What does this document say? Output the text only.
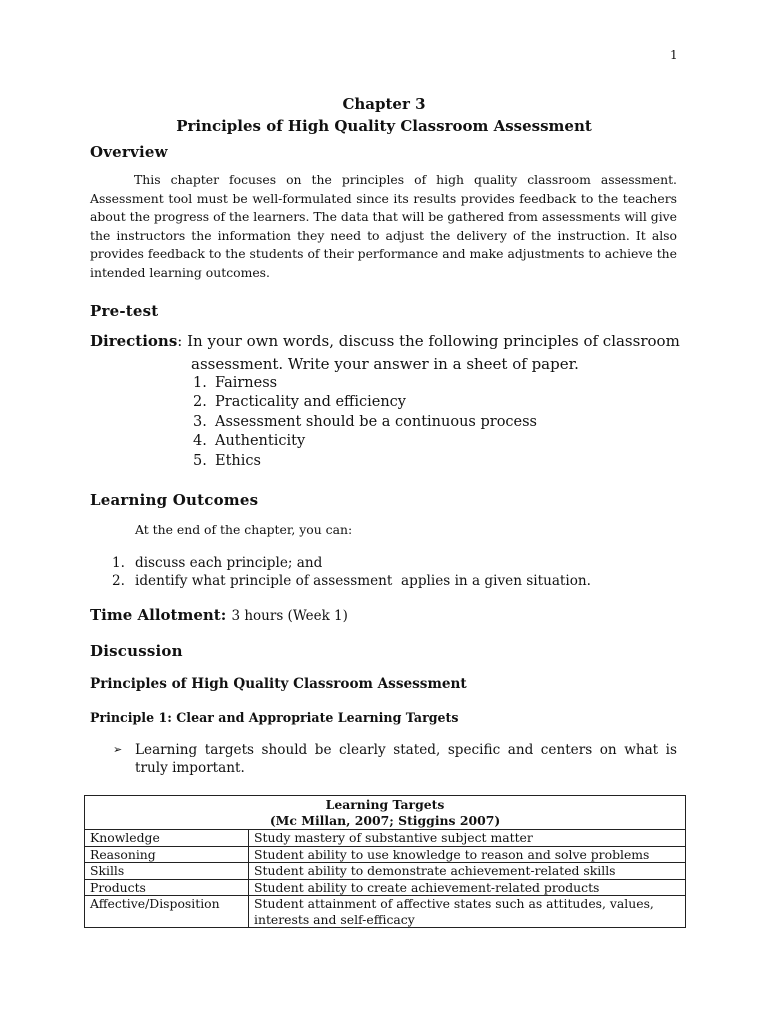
1
Chapter 3
Principles of High Quality Classroom Assessment
Overview

This chapter focuses on the principles of high quality classroom assessment. Assessment tool must be well-formulated since its results provides feedback to the teachers about the progress of the learners. The data that will be gathered from assessments will give the instructors the information they need to adjust the delivery of the instruction. It also provides feedback to the students of their performance and make adjustments to achieve the intended learning outcomes.

Pre-test
Directions: In your own words, discuss the following principles of classroom
assessment. Write your answer in a sheet of paper.
1. Fairness
2. Practicality and efficiency
3. Assessment should be a continuous process
4. Authenticity
5. Ethics
Learning Outcomes
At the end of the chapter, you can:
1. discuss each principle; and
2. identify what principle of assessment  applies in a given situation.
Time Allotment: 3 hours (Week 1)
Discussion
Principles of High Quality Classroom Assessment
Principle 1: Clear and Appropriate Learning Targets
➢ Learning targets should be clearly stated, specific and centers on what is truly important.
Learning Targets
(Mc Millan, 2007; Stiggins 2007)	

Knowledge	Study mastery of substantive subject matter
Reasoning	Student ability to use knowledge to reason and solve problems
Skills	Student ability to demonstrate achievement-related skills
Products	Student ability to create achievement-related products
Affective/Disposition	Student attainment of affective states such as attitudes, values, interests and self-efficacy
